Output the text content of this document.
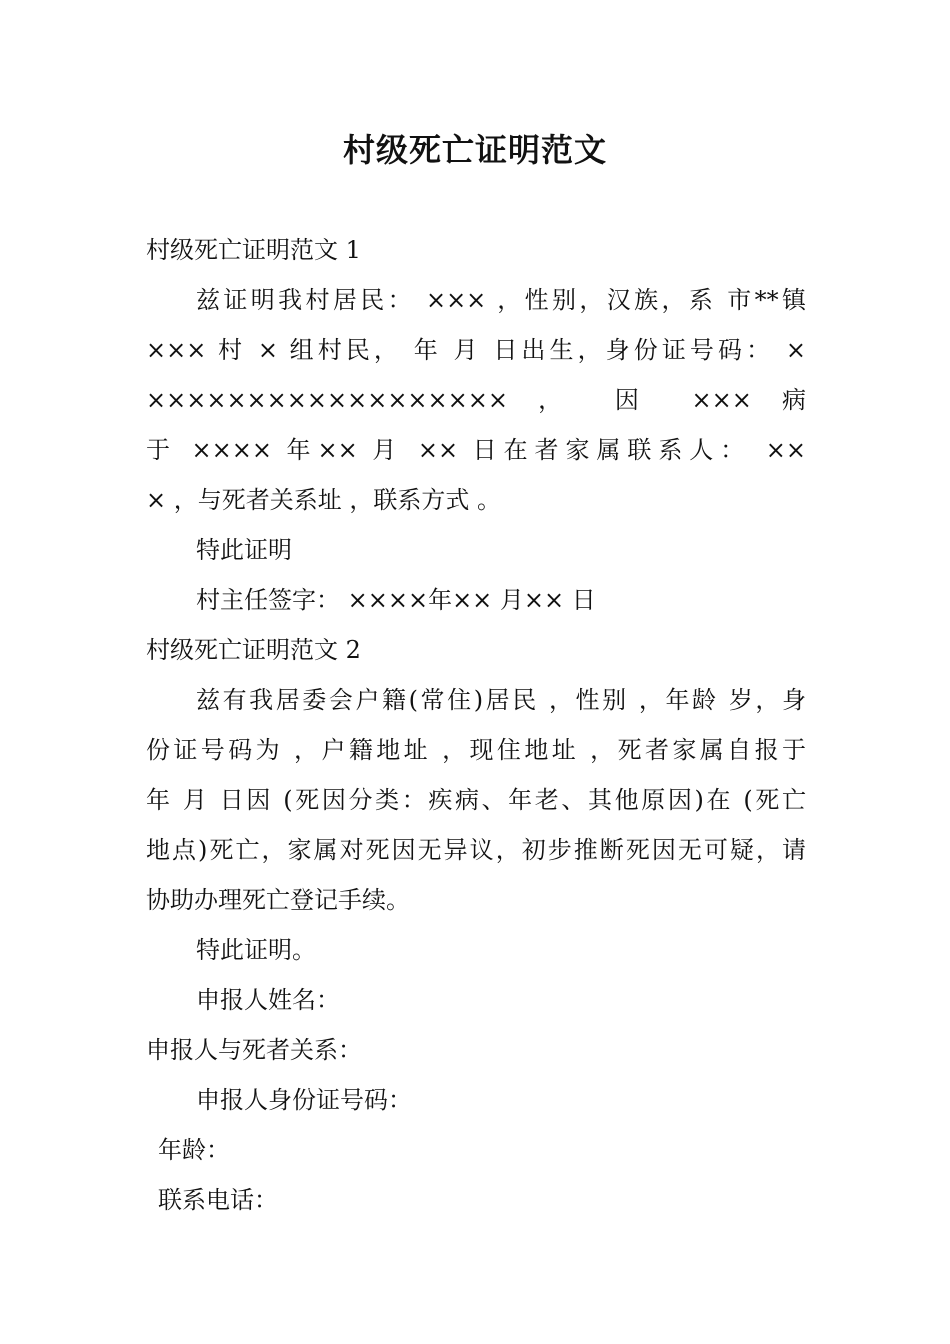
村级死亡证明范文
村级死亡证明范文 1
兹证明我村居民： ××× ，性别，汉族，系 市**镇
××× 村 × 组村民， 年 月 日出生，身份证号码： ×
×××××××××××××××××× ， 因 ××× 病
于 ×××× 年×× 月 ×× 日在者家属联系人： ××
× ，与死者关系址 ，联系方式 。
特此证明
村主任签字： ××××年×× 月×× 日
村级死亡证明范文 2
兹有我居委会户籍(常住)居民 ，性别 ，年龄 岁，身
份证号码为 ，户籍地址 ，现住地址 ，死者家属自报于
年 月 日因 (死因分类：疾病、年老、其他原因)在 (死亡
地点)死亡，家属对死因无异议，初步推断死因无可疑，请
协助办理死亡登记手续。
特此证明。
申报人姓名：
申报人与死者关系：
申报人身份证号码：
年龄：
联系电话：
